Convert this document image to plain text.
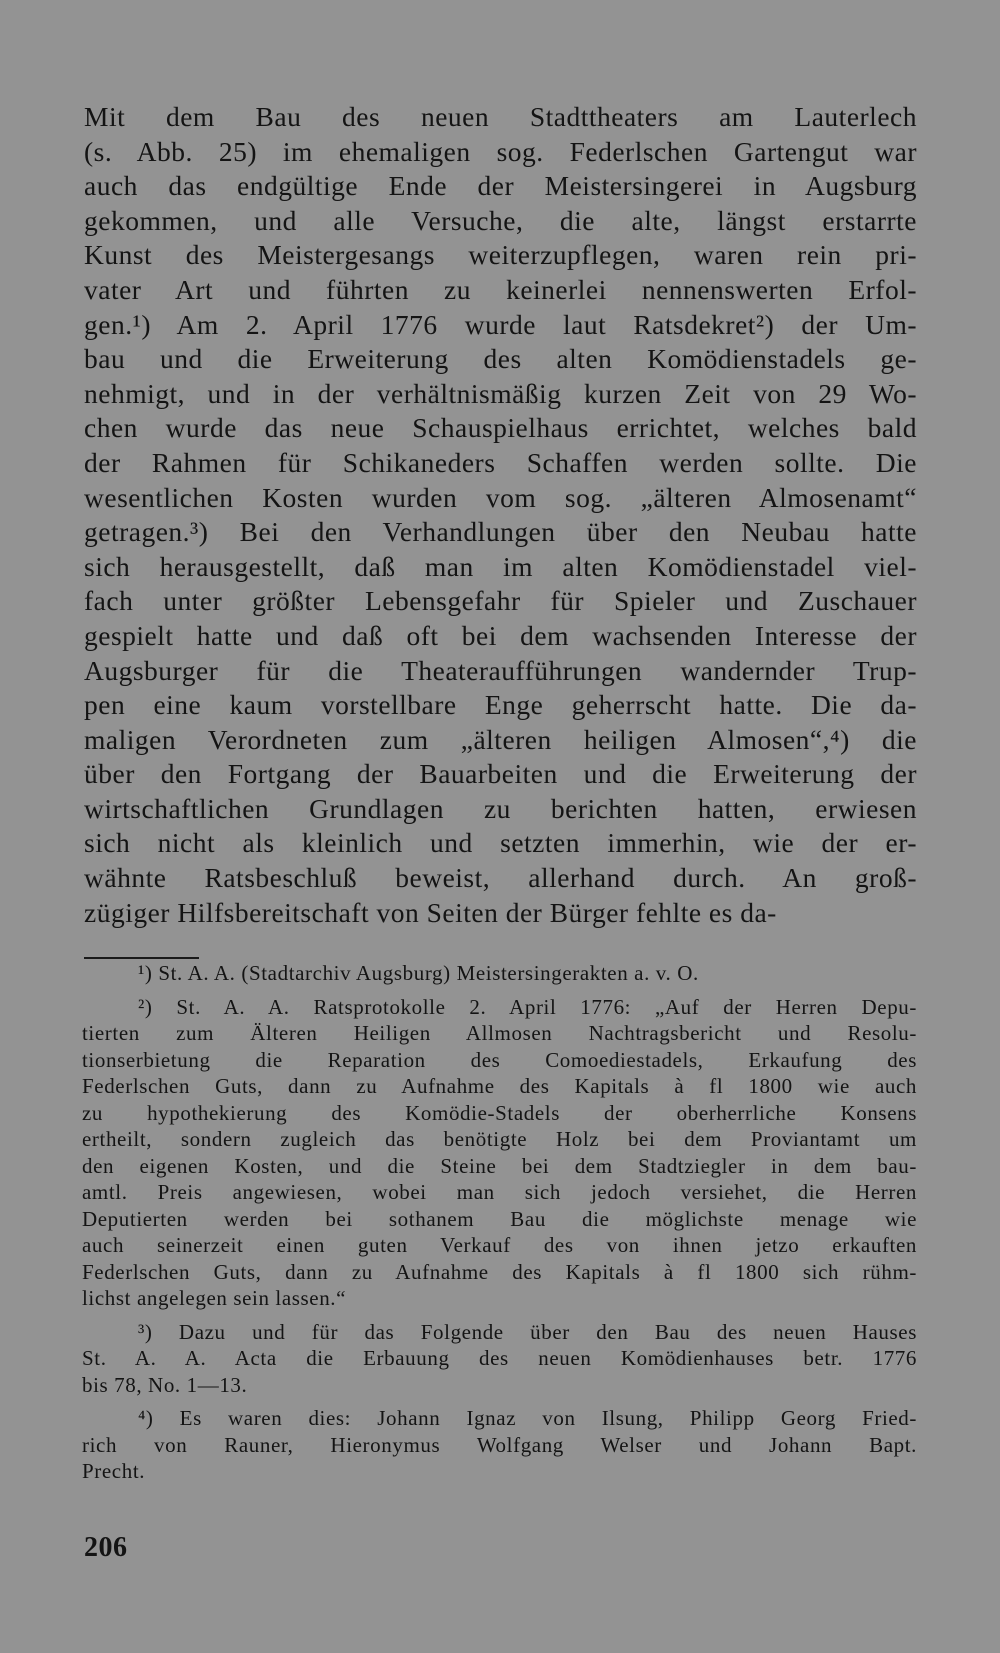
Mit dem Bau des neuen Stadttheaters am Lauterlech
(s. Abb. 25) im ehemaligen sog. Federlschen Gartengut war
auch das endgültige Ende der Meistersingerei in Augsburg
gekommen, und alle Versuche, die alte, längst erstarrte
Kunst des Meistergesangs weiterzupflegen, waren rein pri-
vater Art und führten zu keinerlei nennenswerten Erfol-
gen.¹) Am 2. April 1776 wurde laut Ratsdekret²) der Um-
bau und die Erweiterung des alten Komödienstadels ge-
nehmigt, und in der verhältnismäßig kurzen Zeit von 29 Wo-
chen wurde das neue Schauspielhaus errichtet, welches bald
der Rahmen für Schikaneders Schaffen werden sollte. Die
wesentlichen Kosten wurden vom sog. „älteren Almosenamt“
getragen.³) Bei den Verhandlungen über den Neubau hatte
sich herausgestellt, daß man im alten Komödienstadel viel-
fach unter größter Lebensgefahr für Spieler und Zuschauer
gespielt hatte und daß oft bei dem wachsenden Interesse der
Augsburger für die Theateraufführungen wandernder Trup-
pen eine kaum vorstellbare Enge geherrscht hatte. Die da-
maligen Verordneten zum „älteren heiligen Almosen“,⁴) die
über den Fortgang der Bauarbeiten und die Erweiterung der
wirtschaftlichen Grundlagen zu berichten hatten, erwiesen
sich nicht als kleinlich und setzten immerhin, wie der er-
wähnte Ratsbeschluß beweist, allerhand durch. An groß-
zügiger Hilfsbereitschaft von Seiten der Bürger fehlte es da-
¹) St. A. A. (Stadtarchiv Augsburg) Meistersingerakten a. v. O.
²) St. A. A. Ratsprotokolle 2. April 1776: „Auf der Herren Depu-
tierten zum Älteren Heiligen Allmosen Nachtragsbericht und Resolu-
tionserbietung die Reparation des Comoediestadels, Erkaufung des
Federlschen Guts, dann zu Aufnahme des Kapitals à fl 1800 wie auch
zu hypothekierung des Komödie-Stadels der oberherrliche Konsens
ertheilt, sondern zugleich das benötigte Holz bei dem Proviantamt um
den eigenen Kosten, und die Steine bei dem Stadtziegler in dem bau-
amtl. Preis angewiesen, wobei man sich jedoch versiehet, die Herren
Deputierten werden bei sothanem Bau die möglichste menage wie
auch seinerzeit einen guten Verkauf des von ihnen jetzo erkauften
Federlschen Guts, dann zu Aufnahme des Kapitals à fl 1800 sich rühm-
lichst angelegen sein lassen.“
³) Dazu und für das Folgende über den Bau des neuen Hauses
St. A. A. Acta die Erbauung des neuen Komödienhauses betr. 1776
bis 78, No. 1—13.
⁴) Es waren dies: Johann Ignaz von Ilsung, Philipp Georg Fried-
rich von Rauner, Hieronymus Wolfgang Welser und Johann Bapt.
Precht.
206
